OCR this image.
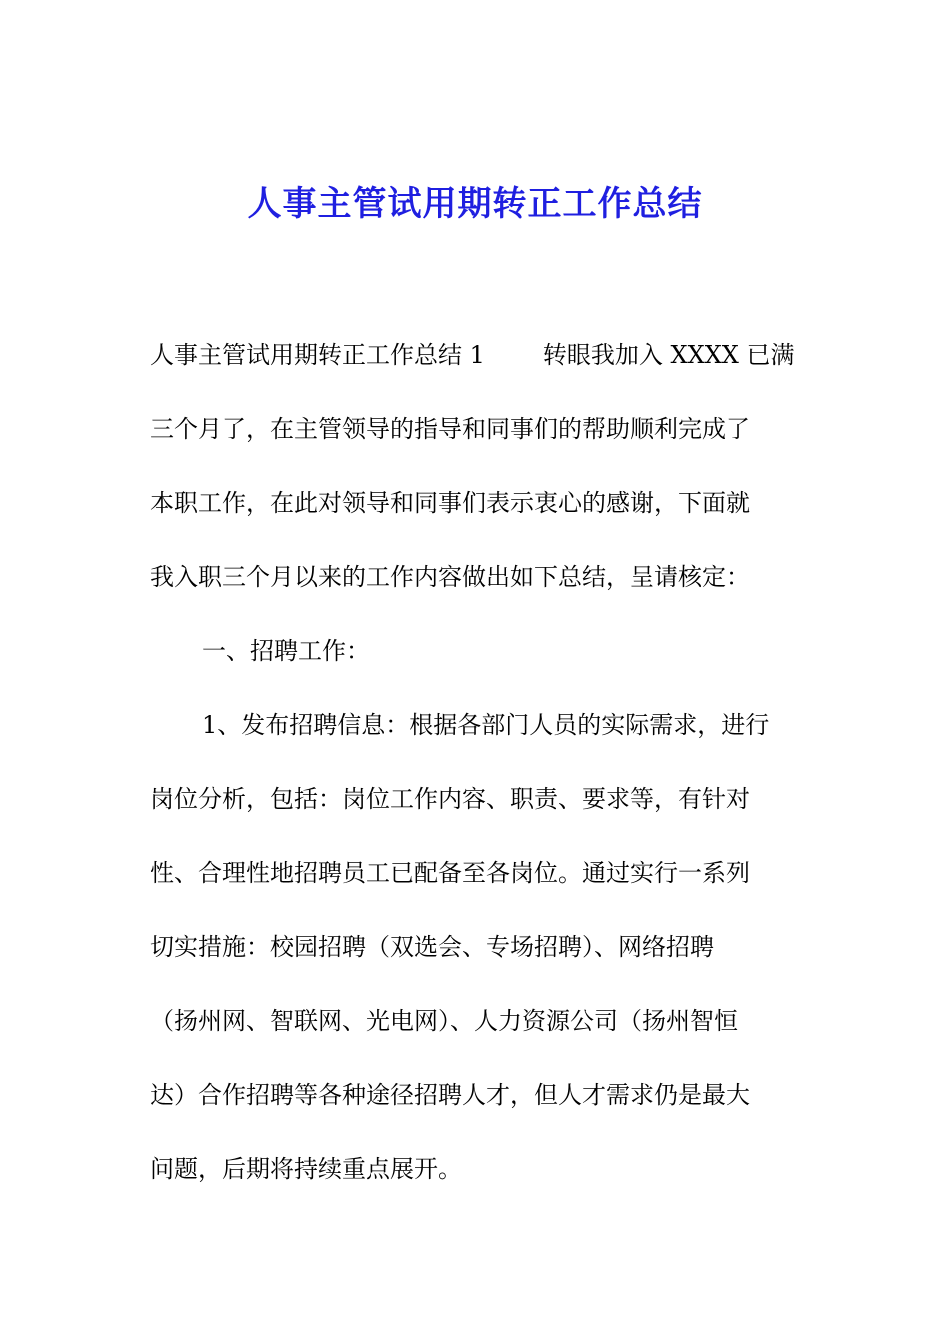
人事主管试用期转正工作总结
人事主管试用期转正工作总结 1 转眼我加入 XXXX 已满
三个月了，在主管领导的指导和同事们的帮助顺利完成了
本职工作，在此对领导和同事们表示衷心的感谢，下面就
我入职三个月以来的工作内容做出如下总结，呈请核定：
一、招聘工作：
1、发布招聘信息：根据各部门人员的实际需求，进行
岗位分析，包括：岗位工作内容、职责、要求等，有针对
性、合理性地招聘员工已配备至各岗位。通过实行一系列
切实措施：校园招聘（双选会、专场招聘）、网络招聘
（扬州网、智联网、光电网）、人力资源公司（扬州智恒
达）合作招聘等各种途径招聘人才，但人才需求仍是最大
问题，后期将持续重点展开。
